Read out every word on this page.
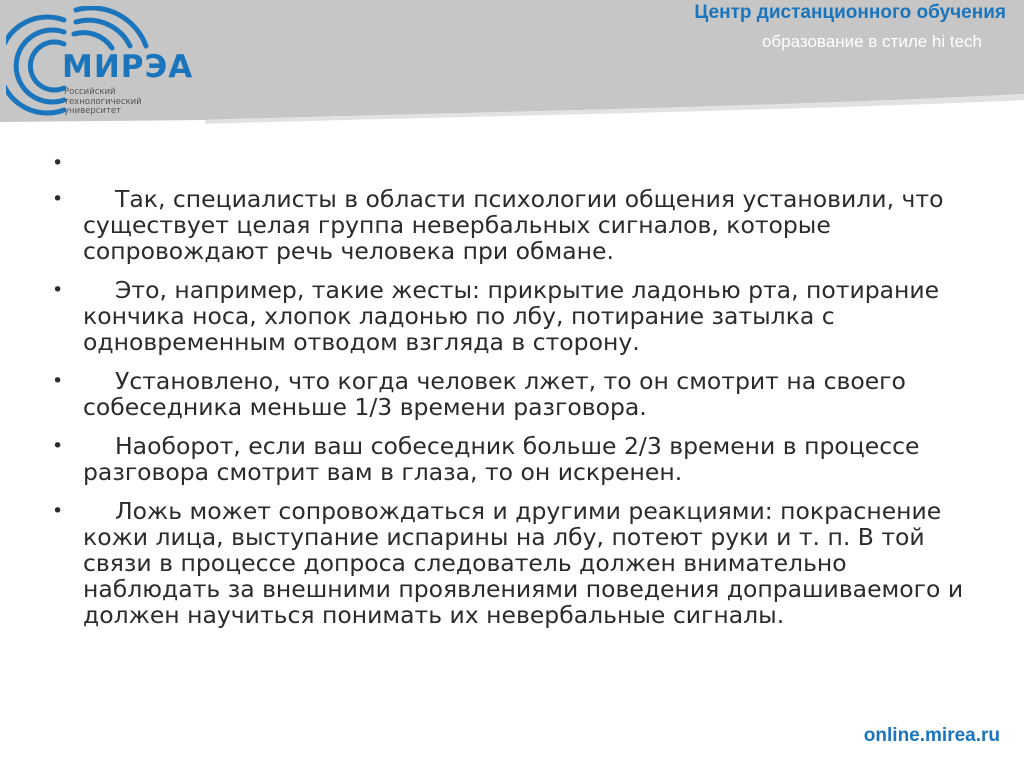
МИРЭА
Российский
технологический
университет
Центр дистанционного обучения
образование в стиле hi tech
•
• Так, специалисты в области психологии общения установили, что существует целая группа невербальных сигналов, которые сопровождают речь человека при обмане.
• Это, например, такие жесты: прикрытие ладонью рта, потирание кончика носа, хлопок ладонью по лбу, потирание затылка с одновременным отводом взгляда в сторону.
• Установлено, что когда человек лжет, то он смотрит на своего собеседника меньше 1/3 времени разговора.
• Наоборот, если ваш собеседник больше 2/3 времени в процессе разговора смотрит вам в глаза, то он искренен.
• Ложь может сопровождаться и другими реакциями: покраснение кожи лица, выступание испарины на лбу, потеют руки и т. п. В той связи в процессе допроса следователь должен внимательно наблюдать за внешними проявлениями поведения допрашиваемого и должен научиться понимать их невербальные сигналы.
online.mirea.ru
